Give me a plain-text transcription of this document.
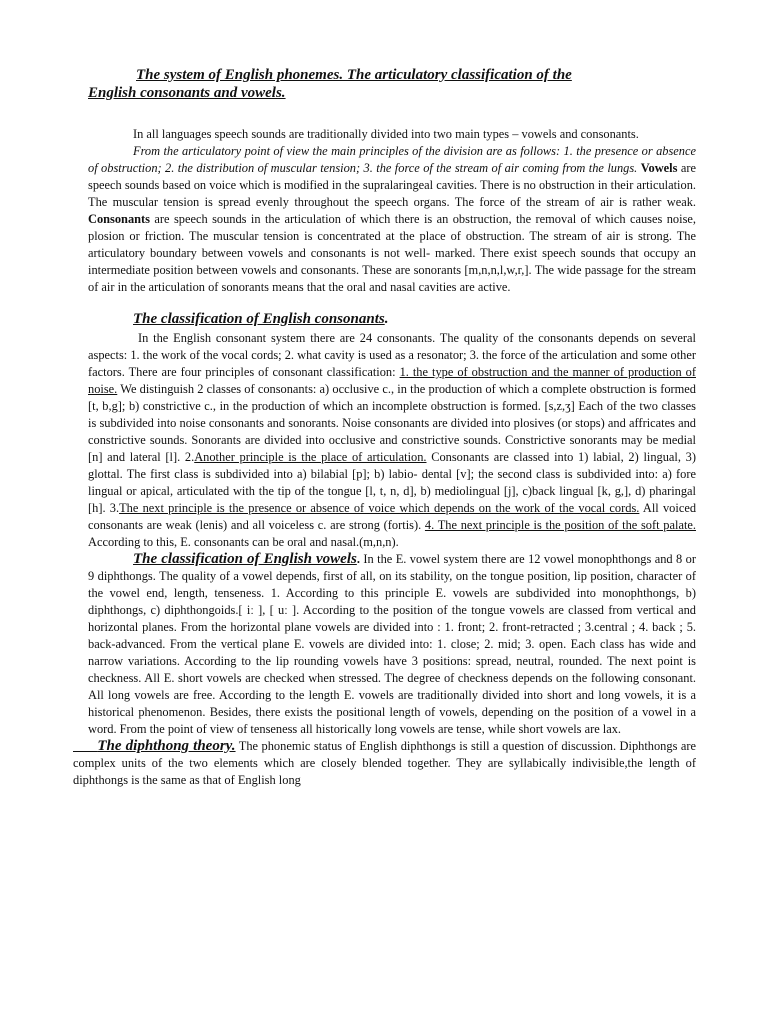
The system of English phonemes. The articulatory classification of the
English consonants and vowels.

In all languages speech sounds are traditionally divided into two main types – vowels and consonants.

From the articulatory point of view the main principles of the division are as follows: 1. the presence or absence of obstruction; 2. the distribution of muscular tension; 3. the force of the stream of air coming from the lungs. Vowels are speech sounds based on voice which is modified in the supralaringeal cavities. There is no obstruction in their articulation. The muscular tension is spread evenly throughout the speech organs. The force of the stream of air is rather weak. Consonants are speech sounds in the articulation of which there is an obstruction, the removal of which causes noise, plosion or friction. The muscular tension is concentrated at the place of obstruction. The stream of air is strong. The articulatory boundary between vowels and consonants is not well- marked. There exist speech sounds that occupy an intermediate position between vowels and consonants. These are sonorants [m,n,n,l,w,r,]. The wide passage for the stream of air in the articulation of sonorants means that the oral and nasal cavities are active.

The classification of English consonants.

In the English consonant system there are 24 consonants. The quality of the consonants depends on several aspects: 1. the work of the vocal cords; 2. what cavity is used as a resonator; 3. the force of the articulation and some other factors. There are four principles of consonant classification: 1. the type of obstruction and the manner of production of noise. We distinguish 2 classes of consonants: a) occlusive c., in the production of which a complete obstruction is formed [t, b,g]; b) constrictive c., in the production of which an incomplete obstruction is formed. [s,z,ʒ] Each of the two classes is subdivided into noise consonants and sonorants. Noise consonants are divided into plosives (or stops) and affricates and constrictive sounds. Sonorants are divided into occlusive and constrictive sounds. Constrictive sonorants may be medial [n] and lateral [l]. 2.Another principle is the place of articulation. Consonants are classed into 1) labial, 2) lingual, 3) glottal. The first class is subdivided into a) bilabial [p]; b) labio- dental [v]; the second class is subdivided into: a) fore lingual or apical, articulated with the tip of the tongue [l, t, n, d], b) mediolingual [j], c)back lingual [k, g,], d) pharingal [h]. 3.The next principle is the presence or absence of voice which depends on the work of the vocal cords. All voiced consonants are weak (lenis) and all voiceless c. are strong (fortis). 4. The next principle is the position of the soft palate. According to this, E. consonants can be oral and nasal.(m,n,n).

The classification of English vowels. In the E. vowel system there are 12 vowel monophthongs and 8 or 9 diphthongs. The quality of a vowel depends, first of all, on its stability, on the tongue position, lip position, character of the vowel end, length, tenseness. 1. According to this principle E. vowels are subdivided into monophthongs, b) diphthongs, c) diphthongoids.[ iː ], [ uː ]. According to the position of the tongue vowels are classed from vertical and horizontal planes. From the horizontal plane vowels are divided into : 1. front; 2. front-retracted ; 3.central ; 4. back ; 5. back-advanced. From the vertical plane E. vowels are divided into: 1. close; 2. mid; 3. open. Each class has wide and narrow variations. According to the lip rounding vowels have 3 positions: spread, neutral, rounded. The next point is checkness. All E. short vowels are checked when stressed. The degree of checkness depends on the following consonant. All long vowels are free. According to the length E. vowels are traditionally divided into short and long vowels, it is a historical phenomenon. Besides, there exists the positional length of vowels, depending on the position of a vowel in a word. From the point of view of tenseness all historically long vowels are tense, while short vowels are lax.

The diphthong theory. The phonemic status of English diphthongs is still a question of discussion. Diphthongs are complex units of the two elements which are closely blended together. They are syllabically indivisible,the length of diphthongs is the same as that of English long
